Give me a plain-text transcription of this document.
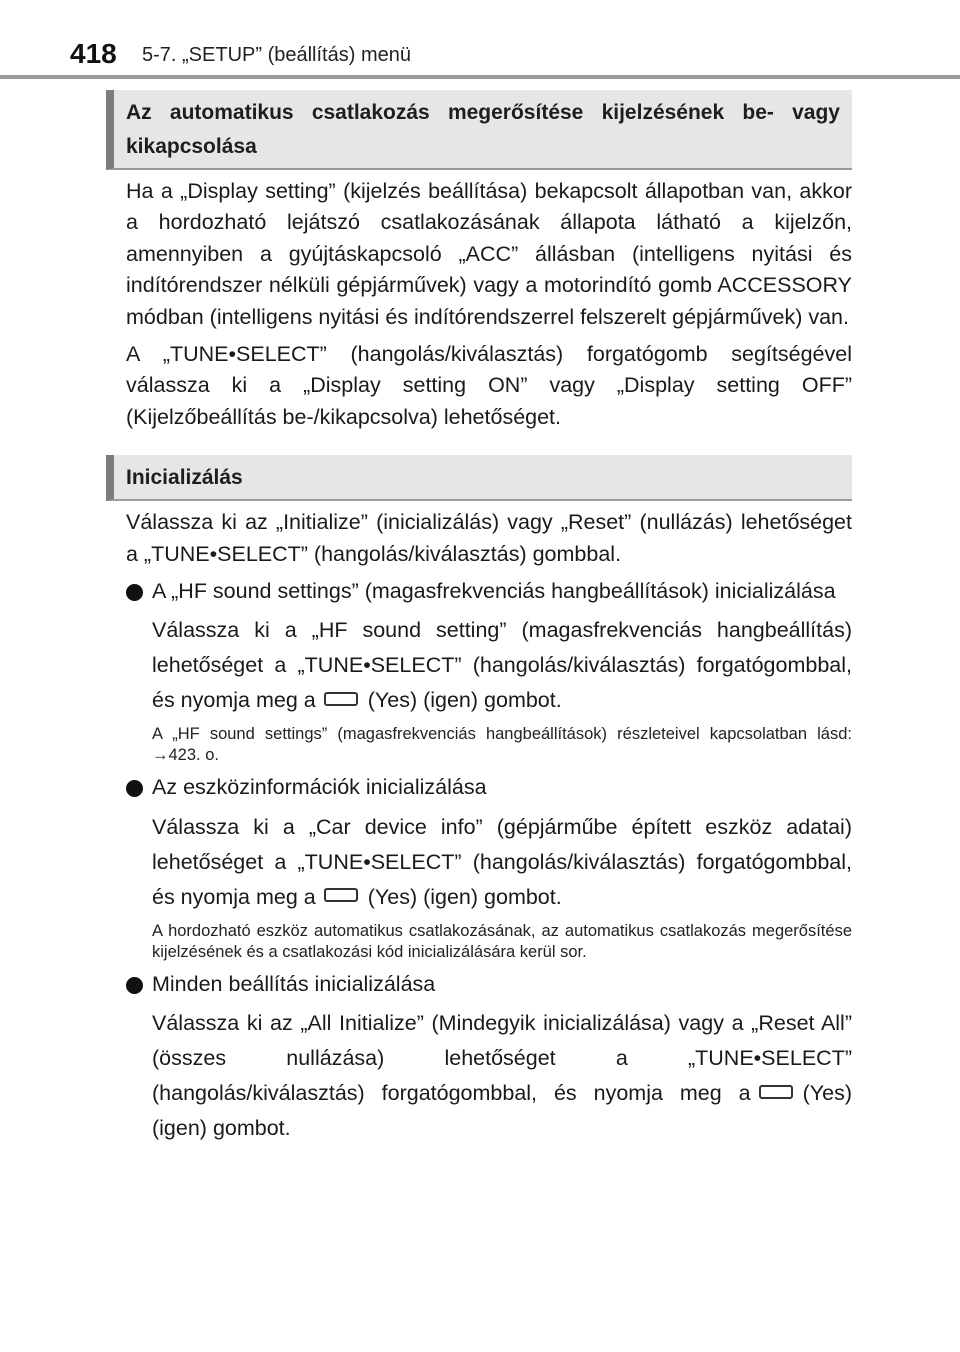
418 5-7. „SETUP” (beállítás) menü
Az automatikus csatlakozás megerősítése kijelzésének be- vagy kikapcsolása
Ha a „Display setting” (kijelzés beállítása) bekapcsolt állapotban van, akkor a hordozható lejátszó csatlakozásának állapota látható a kijelzőn, amennyiben a gyújtáskapcsoló „ACC” állásban (intelligens nyitási és indítórendszer nélküli gépjárművek) vagy a motorindító gomb ACCESSORY módban (intelligens nyitási és indítórendszerrel felszerelt gépjárművek) van.
A „TUNE•SELECT” (hangolás/kiválasztás) forgatógomb segítségével válassza ki a „Display setting ON” vagy „Display setting OFF” (Kijelzőbeállítás be-/kikapcsolva) lehetőséget.
Inicializálás
Válassza ki az „Initialize” (inicializálás) vagy „Reset” (nullázás) lehetőséget a „TUNE•SELECT” (hangolás/kiválasztás) gombbal.
A „HF sound settings” (magasfrekvenciás hangbeállítások) inicializálása
Válassza ki a „HF sound setting” (magasfrekvenciás hangbeállítás) lehetőséget a „TUNE•SELECT” (hangolás/kiválasztás) forgatógombbal, és nyomja meg a (Yes) (igen) gombot.
A „HF sound settings” (magasfrekvenciás hangbeállítások) részleteivel kapcsolatban lásd: →423. o.
Az eszközinformációk inicializálása
Válassza ki a „Car device info” (gépjárműbe épített eszköz adatai) lehetőséget a „TUNE•SELECT” (hangolás/kiválasztás) forgatógombbal, és nyomja meg a (Yes) (igen) gombot.
A hordozható eszköz automatikus csatlakozásának, az automatikus csatlakozás megerősítése kijelzésének és a csatlakozási kód inicializálására kerül sor.
Minden beállítás inicializálása
Válassza ki az „All Initialize” (Mindegyik inicializálása) vagy a „Reset All” (összes nullázása) lehetőséget a „TUNE•SELECT” (hangolás/kiválasztás) forgatógombbal, és nyomja meg a (Yes) (igen) gombot.
